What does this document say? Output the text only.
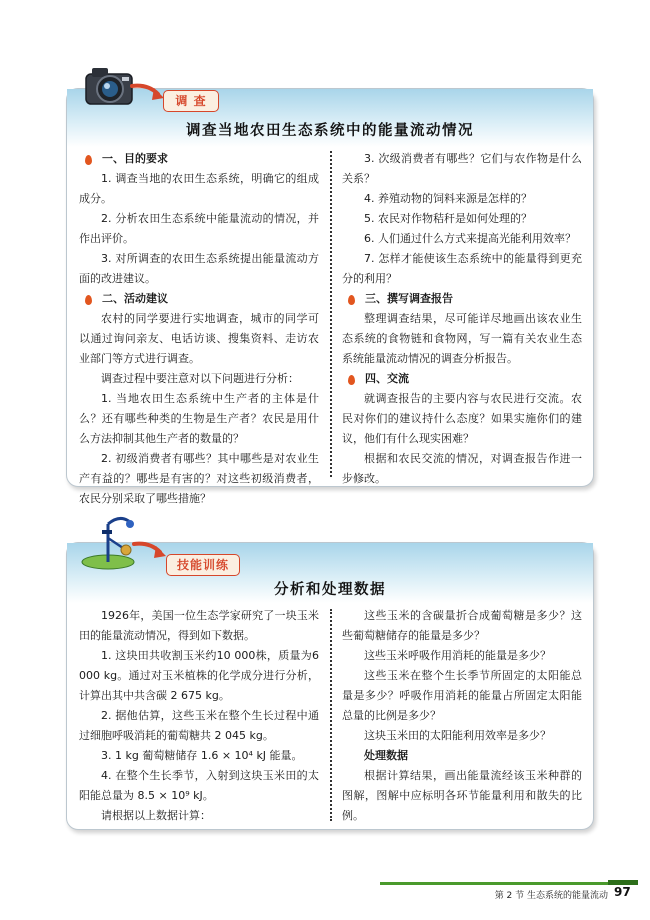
调查当地农田生态系统中的能量流动情况
一、目的要求

1. 调查当地的农田生态系统，明确它的组成成分。

2. 分析农田生态系统中能量流动的情况，并作出评价。

3. 对所调查的农田生态系统提出能量流动方面的改进建议。

二、活动建议

农村的同学要进行实地调查，城市的同学可以通过询问亲友、电话访谈、搜集资料、走访农业部门等方式进行调查。

调查过程中要注意对以下问题进行分析：

1. 当地农田生态系统中生产者的主体是什么？还有哪些种类的生物是生产者？农民是用什么方法抑制其他生产者的数量的？

2. 初级消费者有哪些？其中哪些是对农业生产有益的？哪些是有害的？对这些初级消费者，农民分别采取了哪些措施？

3. 次级消费者有哪些？它们与农作物是什么关系？

4. 养殖动物的饲料来源是怎样的？

5. 农民对作物秸秆是如何处理的？

6. 人们通过什么方式来提高光能利用效率？

7. 怎样才能使该生态系统中的能量得到更充分的利用？

三、撰写调查报告

整理调查结果，尽可能详尽地画出该农业生态系统的食物链和食物网，写一篇有关农业生态系统能量流动情况的调查分析报告。

四、交流

就调查报告的主要内容与农民进行交流。农民对你们的建议持什么态度？如果实施你们的建议，他们有什么现实困难？

根据和农民交流的情况，对调查报告作进一步修改。

调 查
分析和处理数据

1926年，美国一位生态学家研究了一块玉米田的能量流动情况，得到如下数据。

1. 这块田共收割玉米约10 000株，质量为6 000 kg。通过对玉米植株的化学成分进行分析，计算出其中共含碳 2 675 kg。

2. 据他估算，这些玉米在整个生长过程中通过细胞呼吸消耗的葡萄糖共 2 045 kg。

3. 1 kg 葡萄糖储存 1.6 × 10⁴ kJ 能量。

4. 在整个生长季节，入射到这块玉米田的太阳能总量为 8.5 × 10⁹ kJ。

请根据以上数据计算：

这些玉米的含碳量折合成葡萄糖是多少？这些葡萄糖储存的能量是多少？

这些玉米呼吸作用消耗的能量是多少？

这些玉米在整个生长季节所固定的太阳能总量是多少？呼吸作用消耗的能量占所固定太阳能总量的比例是多少？

这块玉米田的太阳能利用效率是多少？

处理数据

根据计算结果，画出能量流经该玉米种群的图解，图解中应标明各环节能量利用和散失的比例。

技能训练
第 2 节 生态系统的能量流动 97
